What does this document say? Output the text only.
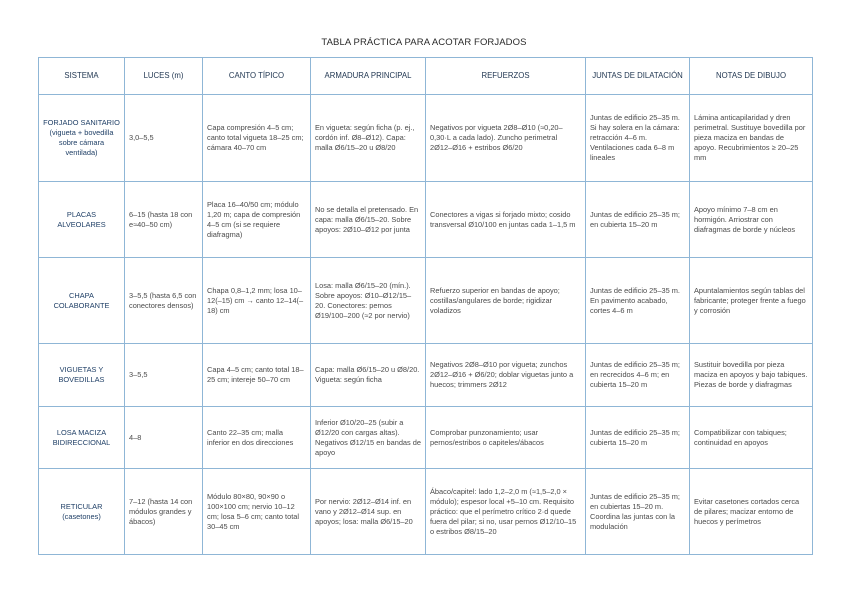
TABLA PRÁCTICA PARA ACOTAR FORJADOS
SISTEMA	LUCES (m)	CANTO TÍPICO	ARMADURA PRINCIPAL	REFUERZOS	JUNTAS DE DILATACIÓN	NOTAS DE DIBUJO
FORJADO SANITARIO (vigueta + bovedilla sobre cámara ventilada)	3,0–5,5	Capa compresión 4–5 cm; canto total vigueta 18–25 cm; cámara 40–70 cm	En vigueta: según ficha (p. ej., cordón inf. Ø8–Ø12). Capa: malla Ø6/15–20 u Ø8/20	Negativos por vigueta 2Ø8–Ø10 (≈0,20–0,30·L a cada lado). Zuncho perimetral 2Ø12–Ø16 + estribos Ø6/20	Juntas de edificio 25–35 m. Si hay solera en la cámara: retracción 4–6 m. Ventilaciones cada 6–8 m lineales	Lámina anticapilaridad y dren perimetral. Sustituye bovedilla por pieza maciza en bandas de apoyo. Recubrimientos ≥ 20–25 mm
PLACAS ALVEOLARES	6–15 (hasta 18 con e≈40–50 cm)	Placa 16–40/50 cm; módulo 1,20 m; capa de compresión 4–5 cm (si se requiere diafragma)	No se detalla el pretensado. En capa: malla Ø6/15–20. Sobre apoyos: 2Ø10–Ø12 por junta	Conectores a vigas si forjado mixto; cosido transversal Ø10/100 en juntas cada 1–1,5 m	Juntas de edificio 25–35 m; en cubierta 15–20 m	Apoyo mínimo 7–8 cm en hormigón. Arriostrar con diafragmas de borde y núcleos
CHAPA COLABORANTE	3–5,5 (hasta 6,5 con conectores densos)	Chapa 0,8–1,2 mm; losa 10–12(–15) cm → canto 12–14(–18) cm	Losa: malla Ø6/15–20 (mín.). Sobre apoyos: Ø10–Ø12/15–20. Conectores: pernos Ø19/100–200 (≈2 por nervio)	Refuerzo superior en bandas de apoyo; costillas/angulares de borde; rigidizar voladizos	Juntas de edificio 25–35 m. En pavimento acabado, cortes 4–6 m	Apuntalamientos según tablas del fabricante; proteger frente a fuego y corrosión
VIGUETAS Y BOVEDILLAS	3–5,5	Capa 4–5 cm; canto total 18–25 cm; intereje 50–70 cm	Capa: malla Ø6/15–20 u Ø8/20. Vigueta: según ficha	Negativos 2Ø8–Ø10 por vigueta; zunchos 2Ø12–Ø16 + Ø6/20; doblar viguetas junto a huecos; trimmers 2Ø12	Juntas de edificio 25–35 m; en recrecidos 4–6 m; en cubierta 15–20 m	Sustituir bovedilla por pieza maciza en apoyos y bajo tabiques. Piezas de borde y diafragmas
LOSA MACIZA BIDIRECCIONAL	4–8	Canto 22–35 cm; malla inferior en dos direcciones	Inferior Ø10/20–25 (subir a Ø12/20 con cargas altas). Negativos Ø12/15 en bandas de apoyo	Comprobar punzonamiento; usar pernos/estribos o capiteles/ábacos	Juntas de edificio 25–35 m; cubierta 15–20 m	Compatibilizar con tabiques; continuidad en apoyos
RETICULAR (casetones)	7–12 (hasta 14 con módulos grandes y ábacos)	Módulo 80×80, 90×90 o 100×100 cm; nervio 10–12 cm; losa 5–6 cm; canto total 30–45 cm	Por nervio: 2Ø12–Ø14 inf. en vano y 2Ø12–Ø14 sup. en apoyos; losa: malla Ø6/15–20	Ábaco/capitel: lado 1,2–2,0 m (≈1,5–2,0 × módulo); espesor local +5–10 cm. Requisito práctico: que el perímetro crítico 2·d quede fuera del pilar; si no, usar pernos Ø12/10–15 o estribos Ø8/15–20	Juntas de edificio 25–35 m; en cubiertas 15–20 m. Coordina las juntas con la modulación	Evitar casetones cortados cerca de pilares; macizar entorno de huecos y perímetros
